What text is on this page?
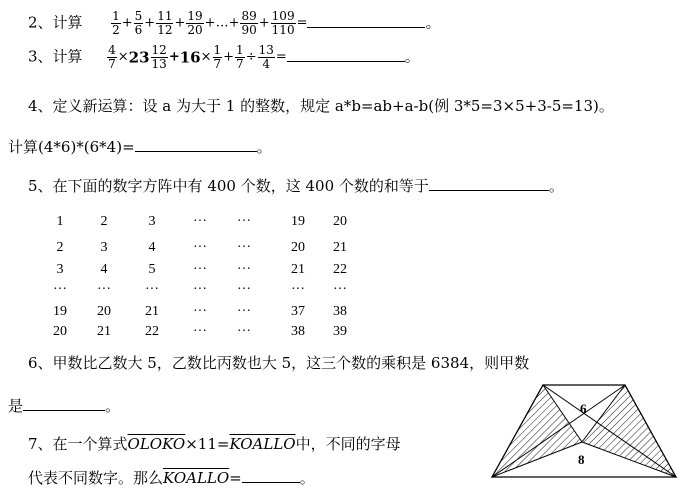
2、计算 $\frac{1}{2} + \frac{5}{6} + \frac{11}{12} + \frac{19}{20}$ +…+ $\frac{89}{90} + \frac{109}{110}$ =	。
3、计算 $\frac{4}{7} \times 23 \frac{12}{13} +16\times \frac{1}{7} + \frac{1}{7} \div \frac{13}{4}$ =	。
4、定义新运算：设 a 为大于 1 的整数，规定 a*b=ab+a-b(例 3*5=3×5+3-5=13)。
计算(4*6)*(6*4)=	。
5、在下面的数字方阵中有 400 个数，这 400 个数的和等于	。
1	2	3	···	···	19	20
2	3	4	···	···	20	21
3	4	5	···	···	21	22
···	···	···	···	···	···	···
19	20	21	···	···	37	38
20	21	22	···	···	38	39
6、甲数比乙数大 5，乙数比丙数也大 5，这三个数的乘积是 6384，则甲数
是	。
7、在一个算式OLOKO×11=KOALLO中，不同的字母
代表不同数字。那么KOALLO=	。
6
8
